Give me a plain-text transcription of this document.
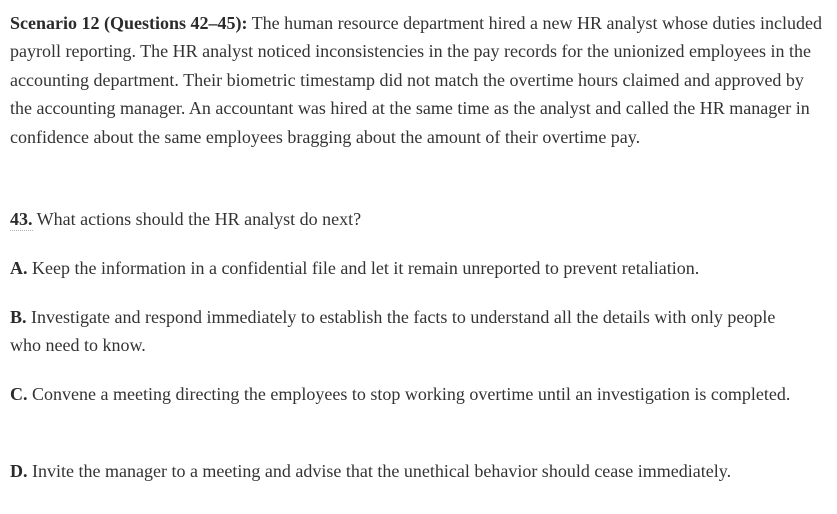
Scenario 12 (Questions 42–45): The human resource department hired a new HR analyst whose duties included payroll reporting. The HR analyst noticed inconsistencies in the pay records for the unionized employees in the accounting department. Their biometric timestamp did not match the overtime hours claimed and approved by the accounting manager. An accountant was hired at the same time as the analyst and called the HR manager in confidence about the same employees bragging about the amount of their overtime pay.

43. What actions should the HR analyst do next?

A. Keep the information in a confidential file and let it remain unreported to prevent retaliation.

B. Investigate and respond immediately to establish the facts to understand all the details with only people who need to know.

C. Convene a meeting directing the employees to stop working overtime until an investigation is completed.

D. Invite the manager to a meeting and advise that the unethical behavior should cease immediately.
